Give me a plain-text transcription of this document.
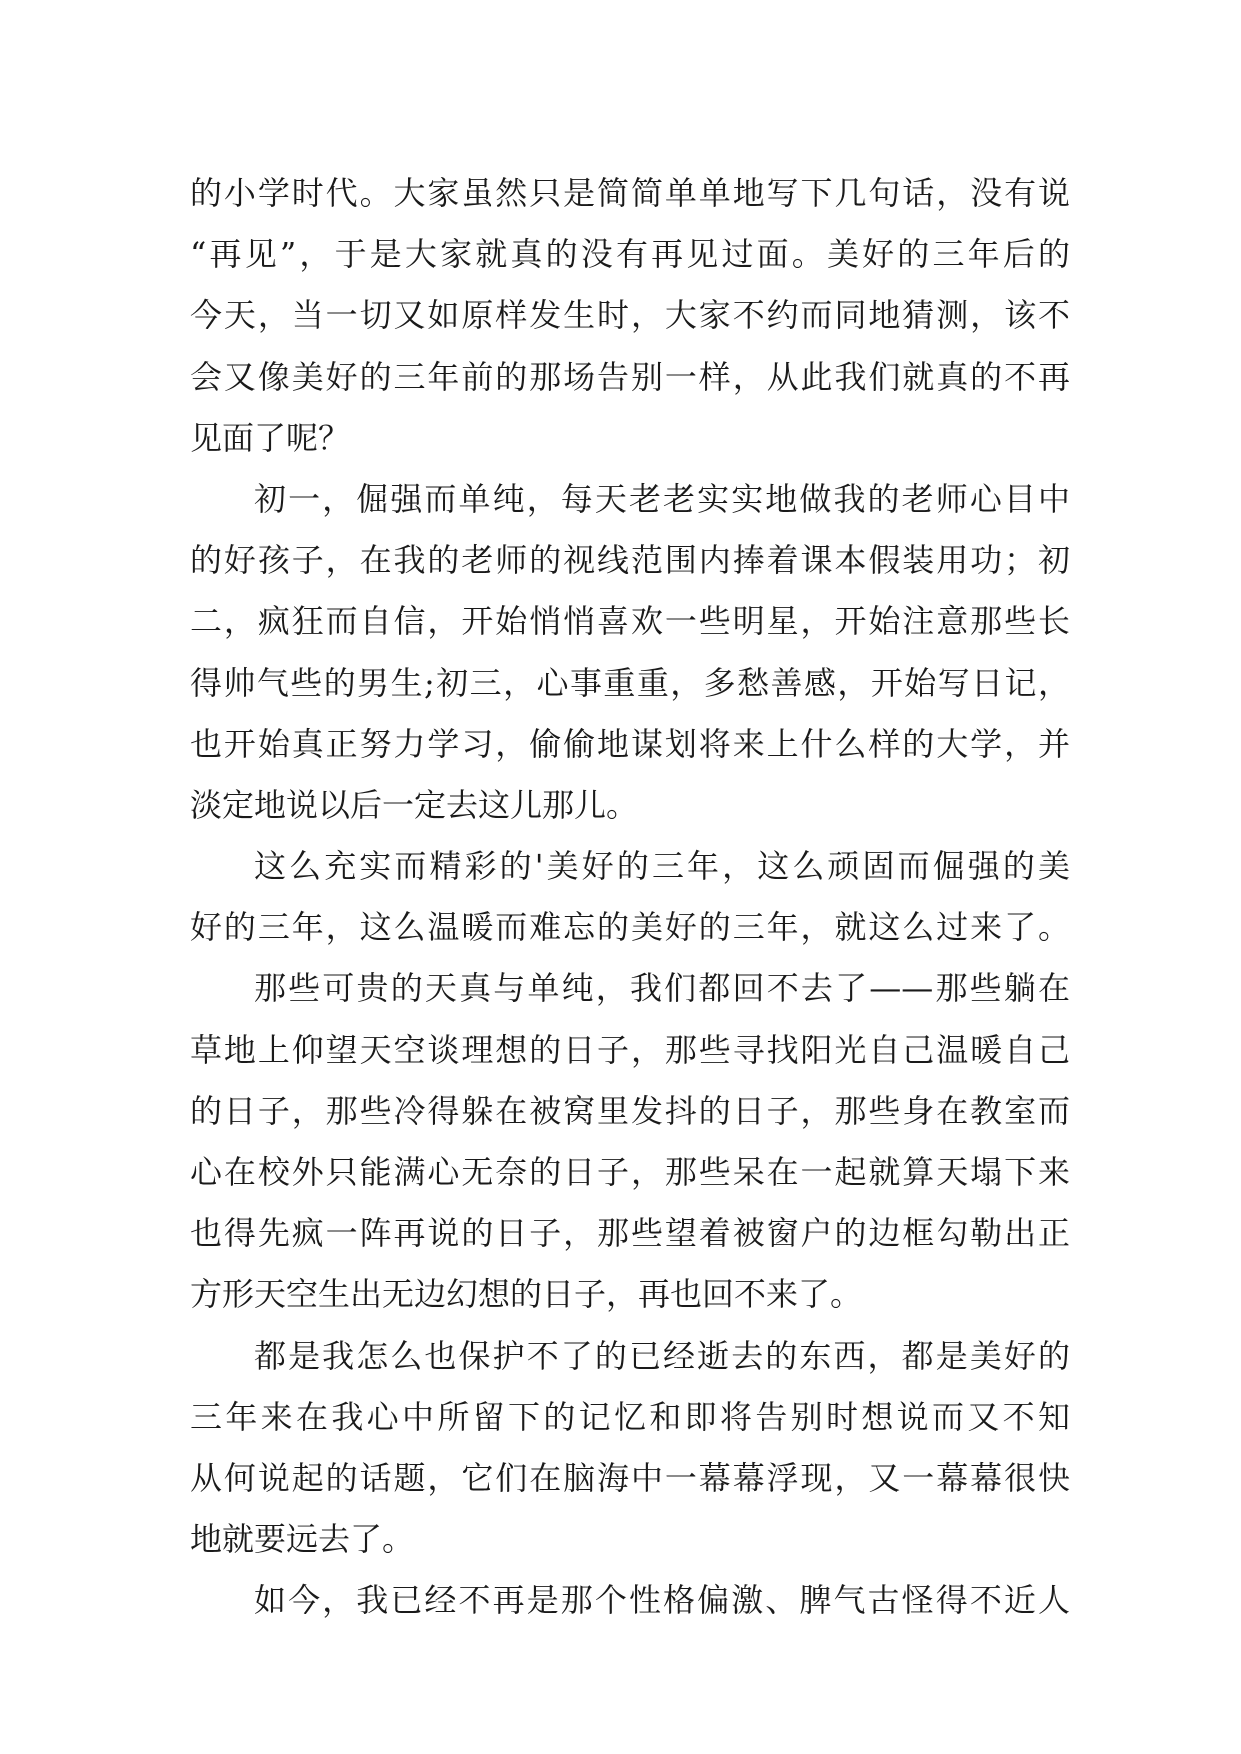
的小学时代。大家虽然只是简简单单地写下几句话，没有说
“再见”，于是大家就真的没有再见过面。美好的三年后的
今天，当一切又如原样发生时，大家不约而同地猜测，该不
会又像美好的三年前的那场告别一样，从此我们就真的不再
见面了呢？
初一，倔强而单纯，每天老老实实地做我的老师心目中
的好孩子，在我的老师的视线范围内捧着课本假装用功；初
二，疯狂而自信，开始悄悄喜欢一些明星，开始注意那些长
得帅气些的男生;初三，心事重重，多愁善感，开始写日记，
也开始真正努力学习，偷偷地谋划将来上什么样的大学，并
淡定地说以后一定去这儿那儿。
这么充实而精彩的'美好的三年，这么顽固而倔强的美
好的三年，这么温暖而难忘的美好的三年，就这么过来了。
那些可贵的天真与单纯，我们都回不去了——那些躺在
草地上仰望天空谈理想的日子，那些寻找阳光自己温暖自己
的日子，那些冷得躲在被窝里发抖的日子，那些身在教室而
心在校外只能满心无奈的日子，那些呆在一起就算天塌下来
也得先疯一阵再说的日子，那些望着被窗户的边框勾勒出正
方形天空生出无边幻想的日子，再也回不来了。
都是我怎么也保护不了的已经逝去的东西，都是美好的
三年来在我心中所留下的记忆和即将告别时想说而又不知
从何说起的话题，它们在脑海中一幕幕浮现，又一幕幕很快
地就要远去了。
如今，我已经不再是那个性格偏激、脾气古怪得不近人
